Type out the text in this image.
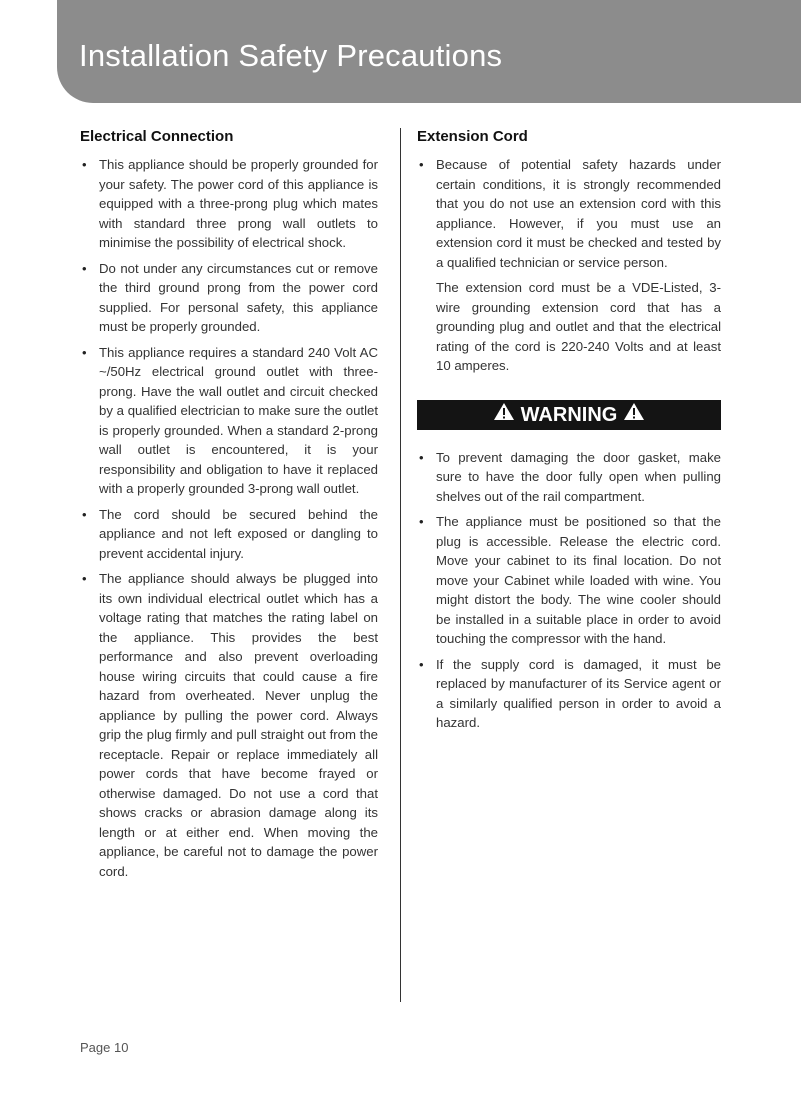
Installation Safety Precautions
Electrical Connection
• This appliance should be properly grounded for your safety. The power cord of this appliance is equipped with a three-prong plug which mates with standard three prong wall outlets to minimise the possibility of electrical shock.
• Do not under any circumstances cut or remove the third ground prong from the power cord supplied. For personal safety, this appliance must be properly grounded.
• This appliance requires a standard 240 Volt AC ~/50Hz electrical ground outlet with three-prong. Have the wall outlet and circuit checked by a qualified electrician to make sure the outlet is properly grounded. When a standard 2-prong wall outlet is encountered, it is your responsibility and obligation to have it replaced with a properly grounded 3-prong wall outlet.
• The cord should be secured behind the appliance and not left exposed or dangling to prevent accidental injury.
• The appliance should always be plugged into its own individual electrical outlet which has a voltage rating that matches the rating label on the appliance. This provides the best performance and also prevent overloading house wiring circuits that could cause a fire hazard from overheated. Never unplug the appliance by pulling the power cord. Always grip the plug firmly and pull straight out from the receptacle. Repair or replace immediately all power cords that have become frayed or otherwise damaged. Do not use a cord that shows cracks or abrasion damage along its length or at either end. When moving the appliance, be careful not to damage the power cord.
Extension Cord
• Because of potential safety hazards under certain conditions, it is strongly recommended that you do not use an extension cord with this appliance. However, if you must use an extension cord it must be checked and tested by a qualified technician or service person.

The extension cord must be a VDE-Listed, 3-wire grounding extension cord that has a grounding plug and outlet and that the electrical rating of the cord is 220-240 Volts and at least 10 amperes.

WARNING
• To prevent damaging the door gasket, make sure to have the door fully open when pulling shelves out of the rail compartment.
• The appliance must be positioned so that the plug is accessible. Release the electric cord. Move your cabinet to its final location. Do not move your Cabinet while loaded with wine. You might distort the body. The wine cooler should be installed in a suitable place in order to avoid touching the compressor with the hand.
• If the supply cord is damaged, it must be replaced by manufacturer of its Service agent or a similarly qualified person in order to avoid a hazard.
Page 10
